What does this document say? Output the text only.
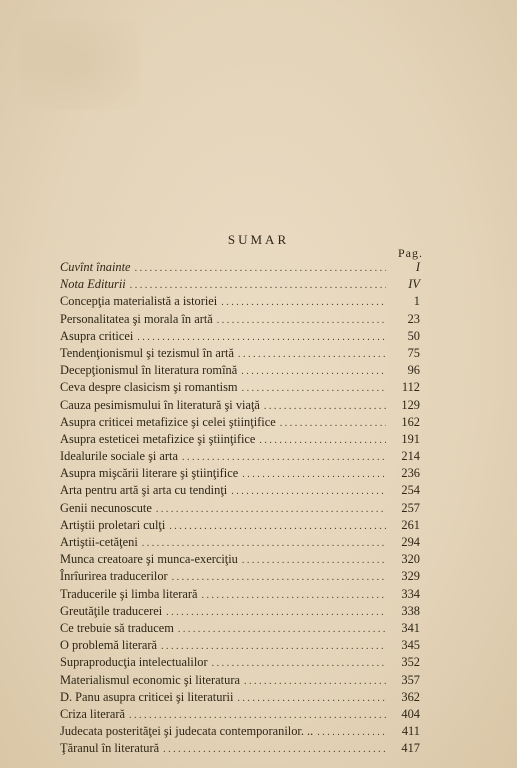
SUMAR
Pag.
Cuvînt înainte . . .	I
Nota Editurii . . .	IV
Concepţia materialistă a istoriei . . .	1
Personalitatea şi morala în artă . . .	23
Asupra criticei . . .	50
Tendenţionismul şi tezismul în artă . . .	75
Decepţionismul în literatura romînă . . .	96
Ceva despre clasicism şi romantism . . .	112
Cauza pesimismului în literatură şi viaţă . . .	129
Asupra criticei metafizice şi celei ştiinţifice . . .	162
Asupra esteticei metafizice şi ştiinţifice . . .	191
Idealurile sociale şi arta . . .	214
Asupra mişcării literare şi ştiinţifice . . .	236
Arta pentru artă şi arta cu tendinţi . . .	254
Genii necunoscute . . .	257
Artiştii proletari culţi . . .	261
Artiştii-cetăţeni . . .	294
Munca creatoare şi munca-exerciţiu . . .	320
Înrîurirea traducerilor . . .	329
Traducerile şi limba literară . . .	334
Greutăţile traducerei . . .	338
Ce trebuie să traducem . . .	341
O problemă literară . . .	345
Supraproducţia intelectualilor . . .	352
Materialismul economic şi literatura . . .	357
D. Panu asupra criticei şi literaturii . . .	362
Criza literară . . .	404
Judecata posterităţei şi judecata contemporanilor. .. . . .	411
Ţăranul în literatură . . .	417
